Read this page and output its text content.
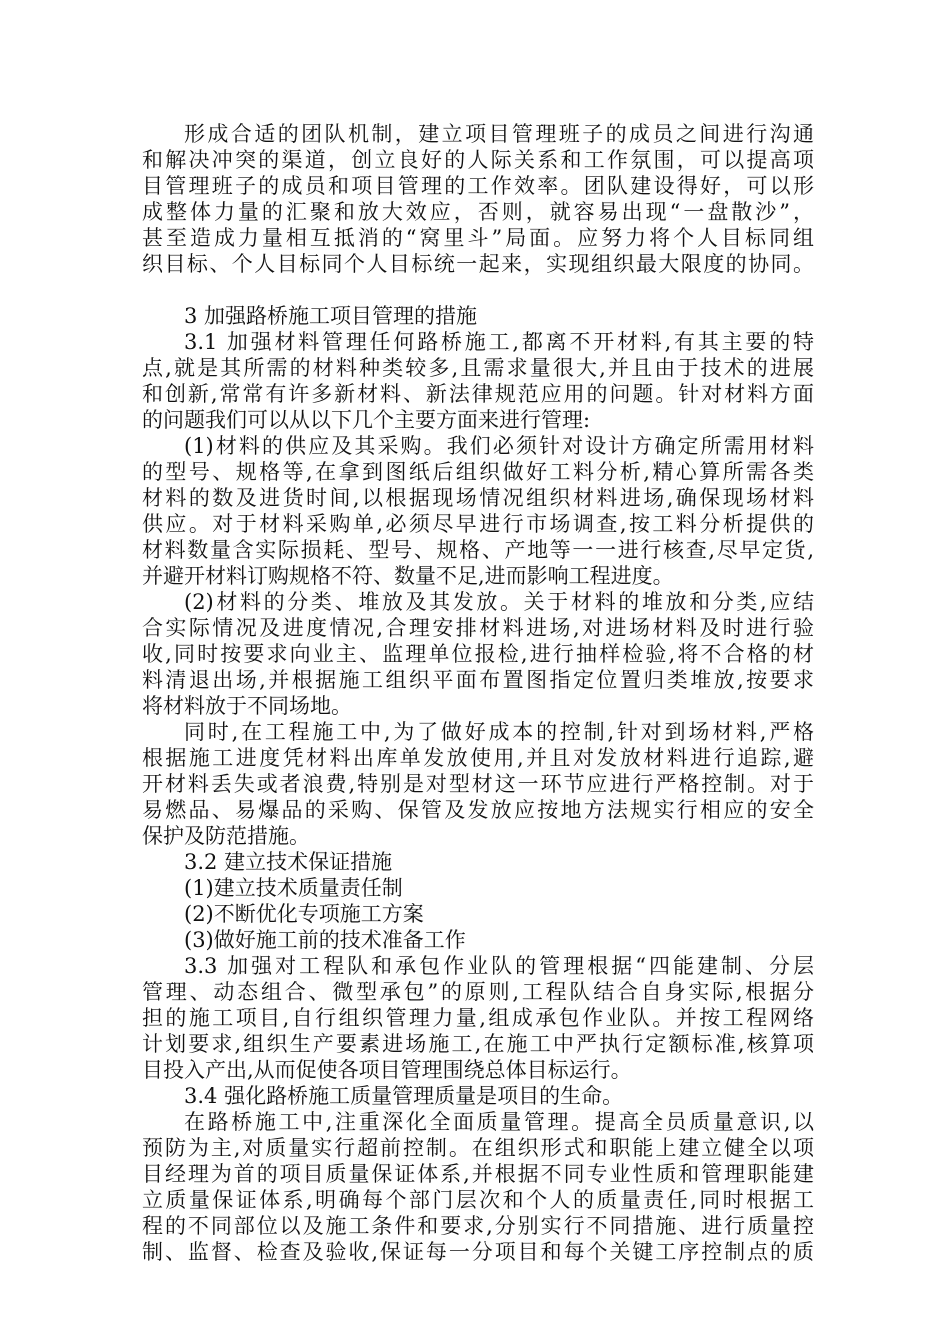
形成合适的团队机制，建立项目管理班子的成员之间进行沟通
和解决冲突的渠道，创立良好的人际关系和工作氛围，可以提高项
目管理班子的成员和项目管理的工作效率。团队建设得好，可以形
成整体力量的汇聚和放大效应，否则，就容易出现“一盘散沙”，
甚至造成力量相互抵消的“窝里斗”局面。应努力将个人目标同组
织目标、个人目标同个人目标统一起来，实现组织最大限度的协同。
3 加强路桥施工项目管理的措施
3.1 加强材料管理任何路桥施工,都离不开材料,有其主要的特
点,就是其所需的材料种类较多,且需求量很大,并且由于技术的进展
和创新,常常有许多新材料、新法律规范应用的问题。针对材料方面
的问题我们可以从以下几个主要方面来进行管理:
(1)材料的供应及其采购。我们必须针对设计方确定所需用材料
的型号、规格等,在拿到图纸后组织做好工料分析,精心算所需各类
材料的数及进货时间,以根据现场情况组织材料进场,确保现场材料
供应。对于材料采购单,必须尽早进行市场调查,按工料分析提供的
材料数量含实际损耗、型号、规格、产地等一一进行核查,尽早定货,
并避开材料订购规格不符、数量不足,进而影响工程进度。
(2)材料的分类、堆放及其发放。关于材料的堆放和分类,应结
合实际情况及进度情况,合理安排材料进场,对进场材料及时进行验
收,同时按要求向业主、监理单位报检,进行抽样检验,将不合格的材
料清退出场,并根据施工组织平面布置图指定位置归类堆放,按要求
将材料放于不同场地。
同时,在工程施工中,为了做好成本的控制,针对到场材料,严格
根据施工进度凭材料出库单发放使用,并且对发放材料进行追踪,避
开材料丢失或者浪费,特别是对型材这一环节应进行严格控制。对于
易燃品、易爆品的采购、保管及发放应按地方法规实行相应的安全
保护及防范措施。
3.2 建立技术保证措施
(1)建立技术质量责任制
(2)不断优化专项施工方案
(3)做好施工前的技术准备工作
3.3 加强对工程队和承包作业队的管理根据“四能建制、分层
管理、动态组合、微型承包”的原则,工程队结合自身实际,根据分
担的施工项目,自行组织管理力量,组成承包作业队。并按工程网络
计划要求,组织生产要素进场施工,在施工中严执行定额标准,核算项
目投入产出,从而促使各项目管理围绕总体目标运行。
3.4 强化路桥施工质量管理质量是项目的生命。
在路桥施工中,注重深化全面质量管理。提高全员质量意识,以
预防为主,对质量实行超前控制。在组织形式和职能上建立健全以项
目经理为首的项目质量保证体系,并根据不同专业性质和管理职能建
立质量保证体系,明确每个部门层次和个人的质量责任,同时根据工
程的不同部位以及施工条件和要求,分别实行不同措施、进行质量控
制、监督、检查及验收,保证每一分项目和每个关键工序控制点的质
